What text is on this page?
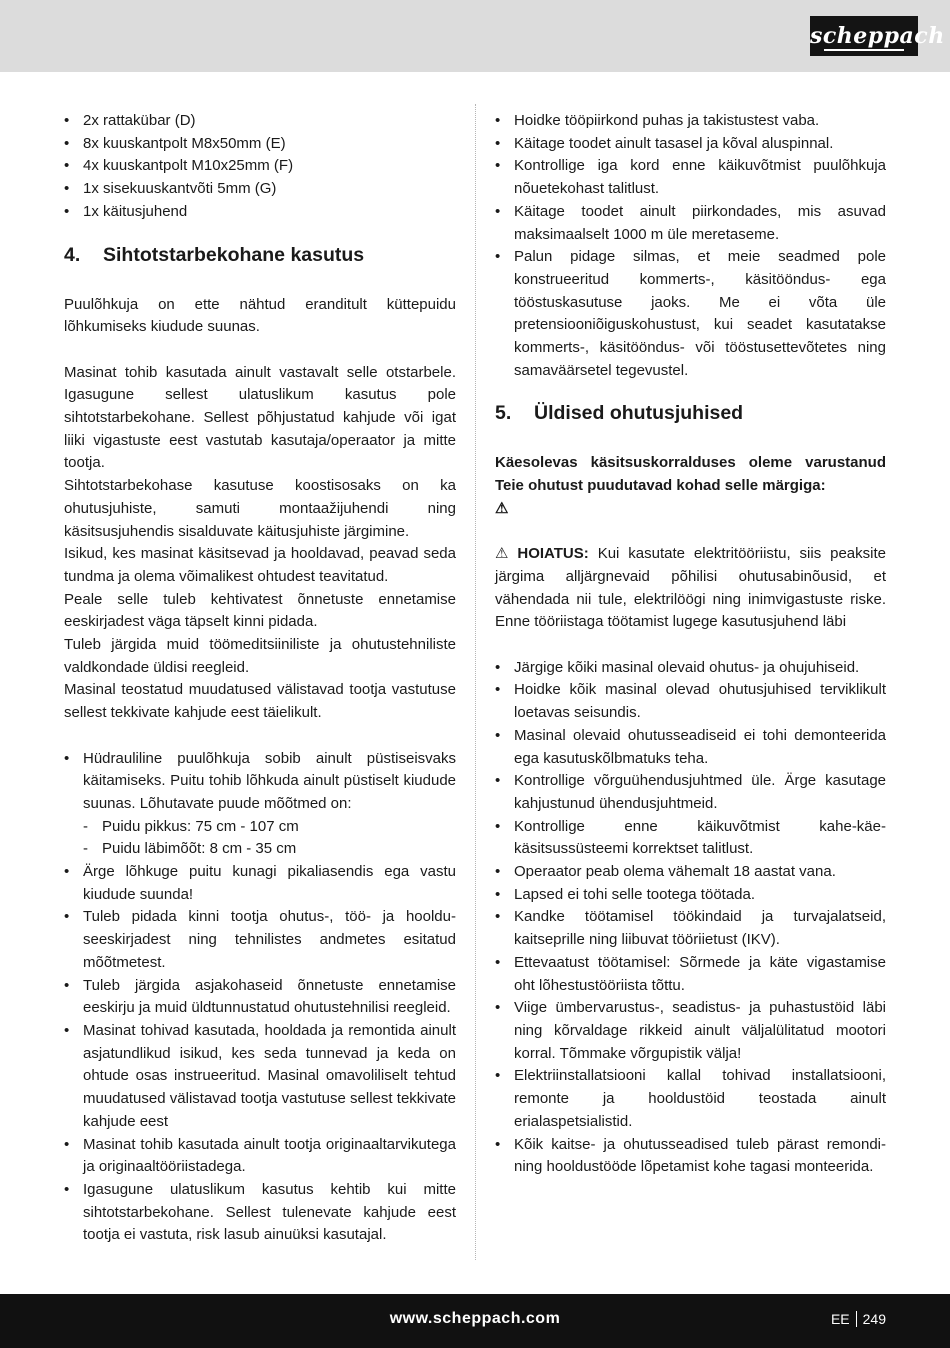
scheppach
• 2x rattakübar (D)
• 8x kuuskantpolt M8x50mm (E)
• 4x kuuskantpolt M10x25mm (F)
• 1x sisekuuskantvõti 5mm (G)
• 1x käitusjuhend
4. Sihtotstarbekohane kasutus

Puulõhkuja on ette nähtud eranditult küttepuidu lõhkumiseks kiudude suunas.

Masinat tohib kasutada ainult vastavalt selle otstarbele. Igasugune sellest ulatuslikum kasutus pole sihtotstarbekohane. Sellest põhjustatud kahjude või igat liiki vigastuste eest vastutab kasutaja/operaator ja mitte tootja.

Sihtotstarbekohase kasutuse koostisosaks on ka ohutusjuhiste, samuti montaažijuhendi ning käsitsusjuhendis sisalduvate käitusjuhiste järgimine.

Isikud, kes masinat käsitsevad ja hooldavad, peavad seda tundma ja olema võimalikest ohtudest teavitatud.

Peale selle tuleb kehtivatest õnnetuste ennetamise eeskirjadest väga täpselt kinni pidada.

Tuleb järgida muid töömeditsiiniliste ja ohutustehniliste valdkondade üldisi reegleid.

Masinal teostatud muudatused välistavad tootja vastutuse sellest tekkivate kahjude eest täielikult.

• Hüdrauliline puulõhkuja sobib ainult püstiseisvaks käitamiseks. Puitu tohib lõhkuda ainult püstiselt kiudude suunas. Lõhutavate puude mõõtmed on:
- Puidu pikkus: 75 cm - 107 cm
- Puidu läbimõõt: 8 cm - 35 cm
• Ärge lõhkuge puitu kunagi pikaliasendis ega vastu kiudude suunda!
• Tuleb pidada kinni tootja ohutus-, töö- ja hoolduseeskirjadest ning tehnilistes andmetes esitatud mõõtmetest.
• Tuleb järgida asjakohaseid õnnetuste ennetamise eeskirju ja muid üldtunnustatud ohutustehnilisi reegleid.
• Masinat tohivad kasutada, hooldada ja remontida ainult asjatundlikud isikud, kes seda tunnevad ja keda on ohtude osas instrueeritud. Masinal omavoliliselt tehtud muudatused välistavad tootja vastutuse sellest tekkivate kahjude eest
• Masinat tohib kasutada ainult tootja originaaltarvikutega ja originaaltööriistadega.
• Igasugune ulatuslikum kasutus kehtib kui mitte sihtotstarbekohane. Sellest tulenevate kahjude eest tootja ei vastuta, risk lasub ainuüksi kasutajal.
• Hoidke tööpiirkond puhas ja takistustest vaba.
• Käitage toodet ainult tasasel ja kõval aluspinnal.
• Kontrollige iga kord enne käikuvõtmist puulõhkuja nõuetekohast talitlust.
• Käitage toodet ainult piirkondades, mis asuvad maksimaalselt 1000 m üle meretaseme.
• Palun pidage silmas, et meie seadmed pole konstrueeritud kommerts-, käsitööndus- ega tööstuskasutuse jaoks. Me ei võta üle pretensiooniõiguskohustust, kui seadet kasutatakse kommerts-, käsitööndus- või tööstusettevõtetes ning samaväärsetel tegevustel.
5. Üldised ohutusjuhised

Käesolevas käsitsuskorralduses oleme varustanud Teie ohutust puudutavad kohad selle märgiga:
⚠

⚠ HOIATUS: Kui kasutate elektritööriistu, siis peaksite järgima alljärgnevaid põhilisi ohutusabinõusid, et vähendada nii tule, elektrilöögi ning inimvigastuste riske. Enne tööriistaga töötamist lugege kasutusjuhend läbi

• Järgige kõiki masinal olevaid ohutus- ja ohujuhiseid.
• Hoidke kõik masinal olevad ohutusjuhised terviklikult loetavas seisundis.
• Masinal olevaid ohutusseadiseid ei tohi demonteerida ega kasutuskõlbmatuks teha.
• Kontrollige võrguühendusjuhtmed üle. Ärge kasutage kahjustunud ühendusjuhtmeid.
• Kontrollige enne käikuvõtmist kahe-käe-käsitsussüsteemi korrektset talitlust.
• Operaator peab olema vähemalt 18 aastat vana.
• Lapsed ei tohi selle tootega töötada.
• Kandke töötamisel töökindaid ja turvajalatseid, kaitseprille ning liibuvat tööriietust (IKV).
• Ettevaatust töötamisel: Sõrmede ja käte vigastamise oht lõhestustööriista tõttu.
• Viige ümbervarustus-, seadistus- ja puhastustöid läbi ning kõrvaldage rikkeid ainult väljalülitatud mootori korral. Tõmmake võrgupistik välja!
• Elektriinstallatsiooni kallal tohivad installatsiooni, remonte ja hooldustöid teostada ainult erialaspetsialistid.
• Kõik kaitse- ja ohutusseadised tuleb pärast remondi- ning hooldustööde lõpetamist kohe tagasi monteerida.
www.scheppach.com	EE 249
